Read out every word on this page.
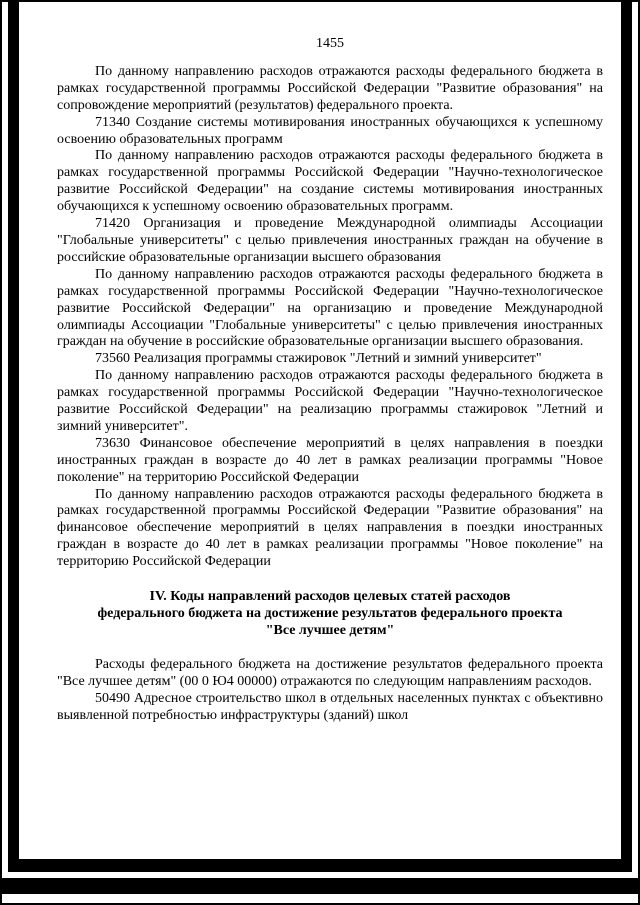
1455

По данному направлению расходов отражаются расходы федерального бюджета в рамках государственной программы Российской Федерации "Развитие образования" на сопровождение мероприятий (результатов) федерального проекта.

71340 Создание системы мотивирования иностранных обучающихся к успешному освоению образовательных программ

По данному направлению расходов отражаются расходы федерального бюджета в рамках государственной программы Российской Федерации "Научно-технологическое развитие Российской Федерации" на создание системы мотивирования иностранных обучающихся к успешному освоению образовательных программ.

71420 Организация и проведение Международной олимпиады Ассоциации "Глобальные университеты" с целью привлечения иностранных граждан на обучение в российские образовательные организации высшего образования

По данному направлению расходов отражаются расходы федерального бюджета в рамках государственной программы Российской Федерации "Научно-технологическое развитие Российской Федерации" на организацию и проведение Международной олимпиады Ассоциации "Глобальные университеты" с целью привлечения иностранных граждан на обучение в российские образовательные организации высшего образования.

73560 Реализация программы стажировок "Летний и зимний университет"

По данному направлению расходов отражаются расходы федерального бюджета в рамках государственной программы Российской Федерации "Научно-технологическое развитие Российской Федерации" на реализацию программы стажировок "Летний и зимний университет".

73630 Финансовое обеспечение мероприятий в целях направления в поездки иностранных граждан в возрасте до 40 лет в рамках реализации программы "Новое поколение" на территорию Российской Федерации

По данному направлению расходов отражаются расходы федерального бюджета в рамках государственной программы Российской Федерации "Развитие образования" на финансовое обеспечение мероприятий в целях направления в поездки иностранных граждан в возрасте до 40 лет в рамках реализации программы "Новое поколение" на территорию Российской Федерации

IV. Коды направлений расходов целевых статей расходов
федерального бюджета на достижение результатов федерального проекта
"Все лучшее детям"

Расходы федерального бюджета на достижение результатов федерального проекта "Все лучшее детям" (00 0 Ю4 00000) отражаются по следующим направлениям расходов.

50490 Адресное строительство школ в отдельных населенных пунктах с объективно выявленной потребностью инфраструктуры (зданий) школ
